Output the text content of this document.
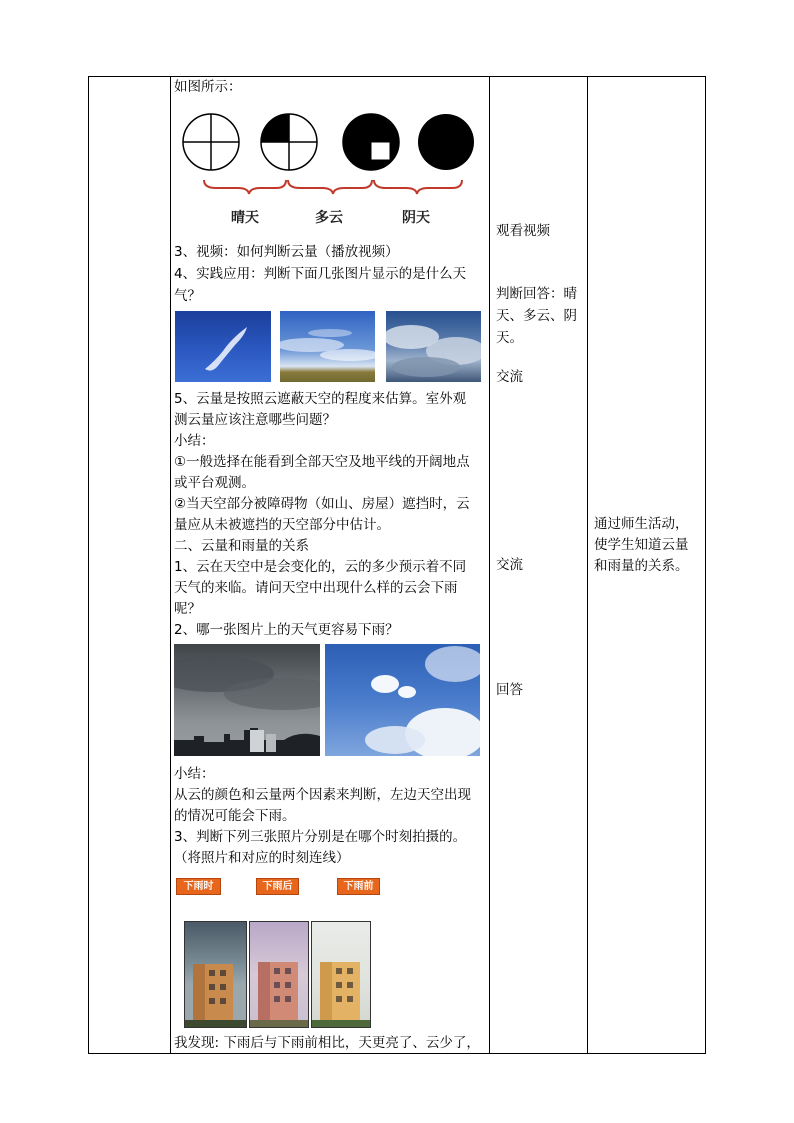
如图所示：
晴天	多云	阴天
3、视频：如何判断云量（播放视频）
4、实践应用：判断下面几张图片显示的是什么天
气？
5、云量是按照云遮蔽天空的程度来估算。室外观
测云量应该注意哪些问题？
小结：
①一般选择在能看到全部天空及地平线的开阔地点
或平台观测。
②当天空部分被障碍物（如山、房屋）遮挡时，云
量应从未被遮挡的天空部分中估计。
二、云量和雨量的关系
1、云在天空中是会变化的，云的多少预示着不同
天气的来临。请问天空中出现什么样的云会下雨
呢？
2、哪一张图片上的天气更容易下雨？
小结：
从云的颜色和云量两个因素来判断，左边天空出现
的情况可能会下雨。
3、判断下列三张照片分别是在哪个时刻拍摄的。
（将照片和对应的时刻连线）
下雨时	下雨后	下雨前
我发现: 下雨后与下雨前相比，天更亮了、云少了，
观看视频
判断回答：晴
天、多云、阴
天。
交流
交流
回答
通过师生活动，
使学生知道云量
和雨量的关系。
